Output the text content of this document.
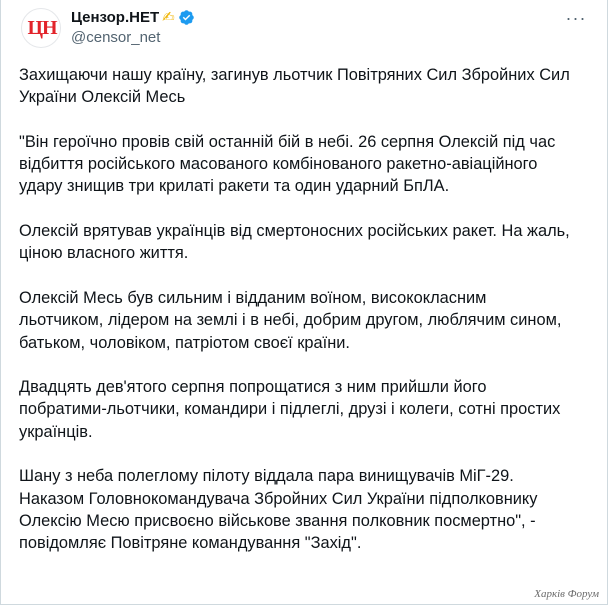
ЦН Цензор.НЕТ ✍
@censor_net
···

Захищаючи нашу країну, загинув льотчик Повітряних Сил Збройних Сил
України Олексій Месь

"Він героїчно провів свій останній бій в небі. 26 серпня Олексій під час
відбиття російського масованого комбінованого ракетно-авіаційного
удару знищив три крилаті ракети та один ударний БпЛА.

Олексій врятував українців від смертоносних російських ракет. На жаль,
ціною власного життя.

Олексій Месь був сильним і відданим воїном, висококласним
льотчиком, лідером на землі і в небі, добрим другом, люблячим сином,
батьком, чоловіком, патріотом своєї країни.

Двадцять дев'ятого серпня попрощатися з ним прийшли його
побратими-льотчики, командири і підлеглі, друзі і колеги, сотні простих
українців.

Шану з неба полеглому пілоту віддала пара винищувачів МіГ-29.
Наказом Головнокомандувача Збройних Сил України підполковнику
Олексію Месю присвоєно військове звання полковник посмертно", -
повідомляє Повітряне командування "Захід".

Харків Форум
